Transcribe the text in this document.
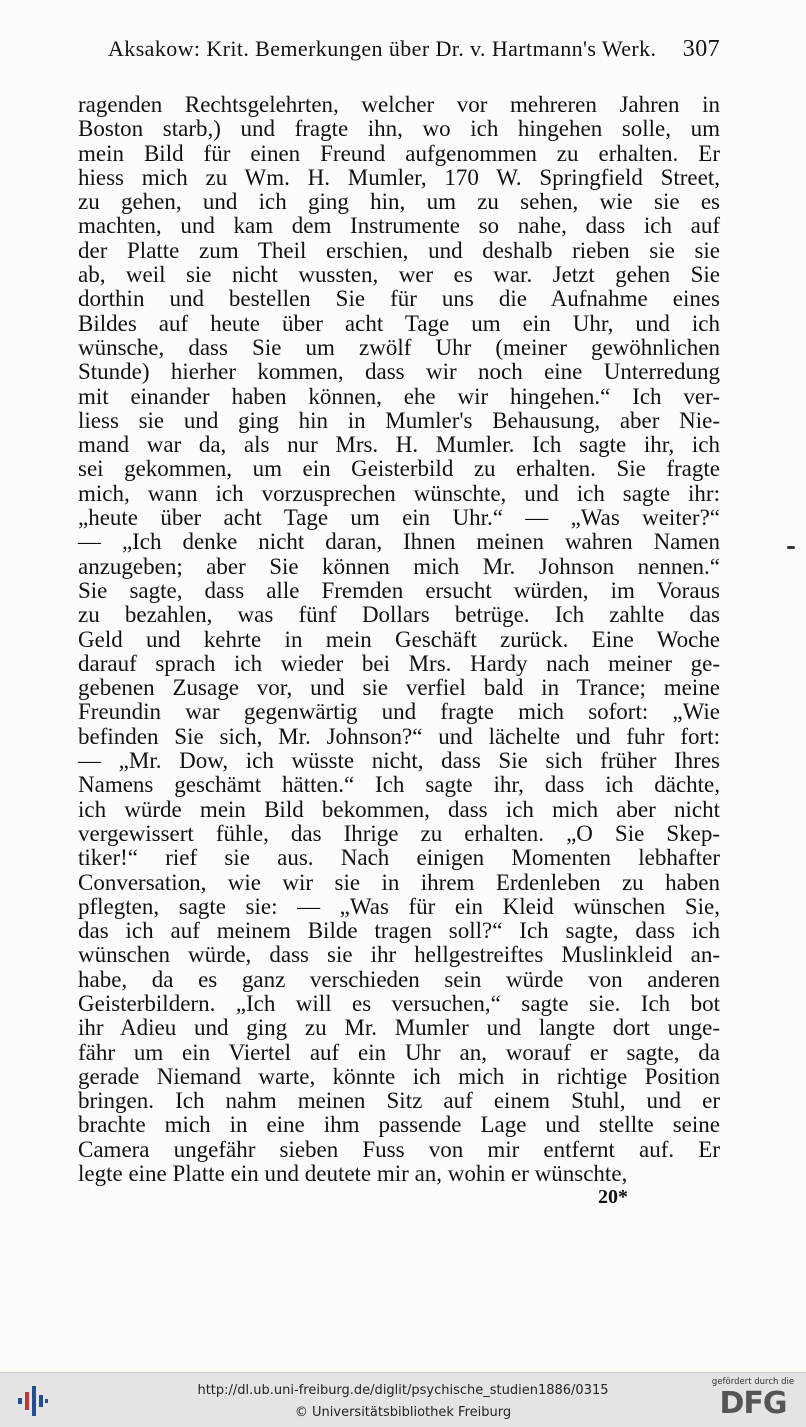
Aksakow: Krit. Bemerkungen über Dr. v. Hartmann's Werk. 307
ragenden Rechtsgelehrten, welcher vor mehreren Jahren in
Boston starb,) und fragte ihn, wo ich hingehen solle, um
mein Bild für einen Freund aufgenommen zu erhalten. Er
hiess mich zu Wm. H. Mumler, 170 W. Springfield Street,
zu gehen, und ich ging hin, um zu sehen, wie sie es
machten, und kam dem Instrumente so nahe, dass ich auf
der Platte zum Theil erschien, und deshalb rieben sie sie
ab, weil sie nicht wussten, wer es war. Jetzt gehen Sie
dorthin und bestellen Sie für uns die Aufnahme eines
Bildes auf heute über acht Tage um ein Uhr, und ich
wünsche, dass Sie um zwölf Uhr (meiner gewöhnlichen
Stunde) hierher kommen, dass wir noch eine Unterredung
mit einander haben können, ehe wir hingehen.“ Ich ver-
liess sie und ging hin in Mumler's Behausung, aber Nie-
mand war da, als nur Mrs. H. Mumler. Ich sagte ihr, ich
sei gekommen, um ein Geisterbild zu erhalten. Sie fragte
mich, wann ich vorzusprechen wünschte, und ich sagte ihr:
„heute über acht Tage um ein Uhr.“ — „Was weiter?“
— „Ich denke nicht daran, Ihnen meinen wahren Namen
anzugeben; aber Sie können mich Mr. Johnson nennen.“
Sie sagte, dass alle Fremden ersucht würden, im Voraus
zu bezahlen, was fünf Dollars betrüge. Ich zahlte das
Geld und kehrte in mein Geschäft zurück. Eine Woche
darauf sprach ich wieder bei Mrs. Hardy nach meiner ge-
gebenen Zusage vor, und sie verfiel bald in Trance; meine
Freundin war gegenwärtig und fragte mich sofort: „Wie
befinden Sie sich, Mr. Johnson?“ und lächelte und fuhr fort:
— „Mr. Dow, ich wüsste nicht, dass Sie sich früher Ihres
Namens geschämt hätten.“ Ich sagte ihr, dass ich dächte,
ich würde mein Bild bekommen, dass ich mich aber nicht
vergewissert fühle, das Ihrige zu erhalten. „O Sie Skep-
tiker!“ rief sie aus. Nach einigen Momenten lebhafter
Conversation, wie wir sie in ihrem Erdenleben zu haben
pflegten, sagte sie: — „Was für ein Kleid wünschen Sie,
das ich auf meinem Bilde tragen soll?“ Ich sagte, dass ich
wünschen würde, dass sie ihr hellgestreiftes Muslinkleid an-
habe, da es ganz verschieden sein würde von anderen
Geisterbildern. „Ich will es versuchen,“ sagte sie. Ich bot
ihr Adieu und ging zu Mr. Mumler und langte dort unge-
fähr um ein Viertel auf ein Uhr an, worauf er sagte, da
gerade Niemand warte, könnte ich mich in richtige Position
bringen. Ich nahm meinen Sitz auf einem Stuhl, und er
brachte mich in eine ihm passende Lage und stellte seine
Camera ungefähr sieben Fuss von mir entfernt auf. Er
legte eine Platte ein und deutete mir an, wohin er wünschte,
20*
http://dl.ub.uni-freiburg.de/diglit/psychische_studien1886/0315
© Universitätsbibliothek Freiburg
gefördert durch die
DFG
